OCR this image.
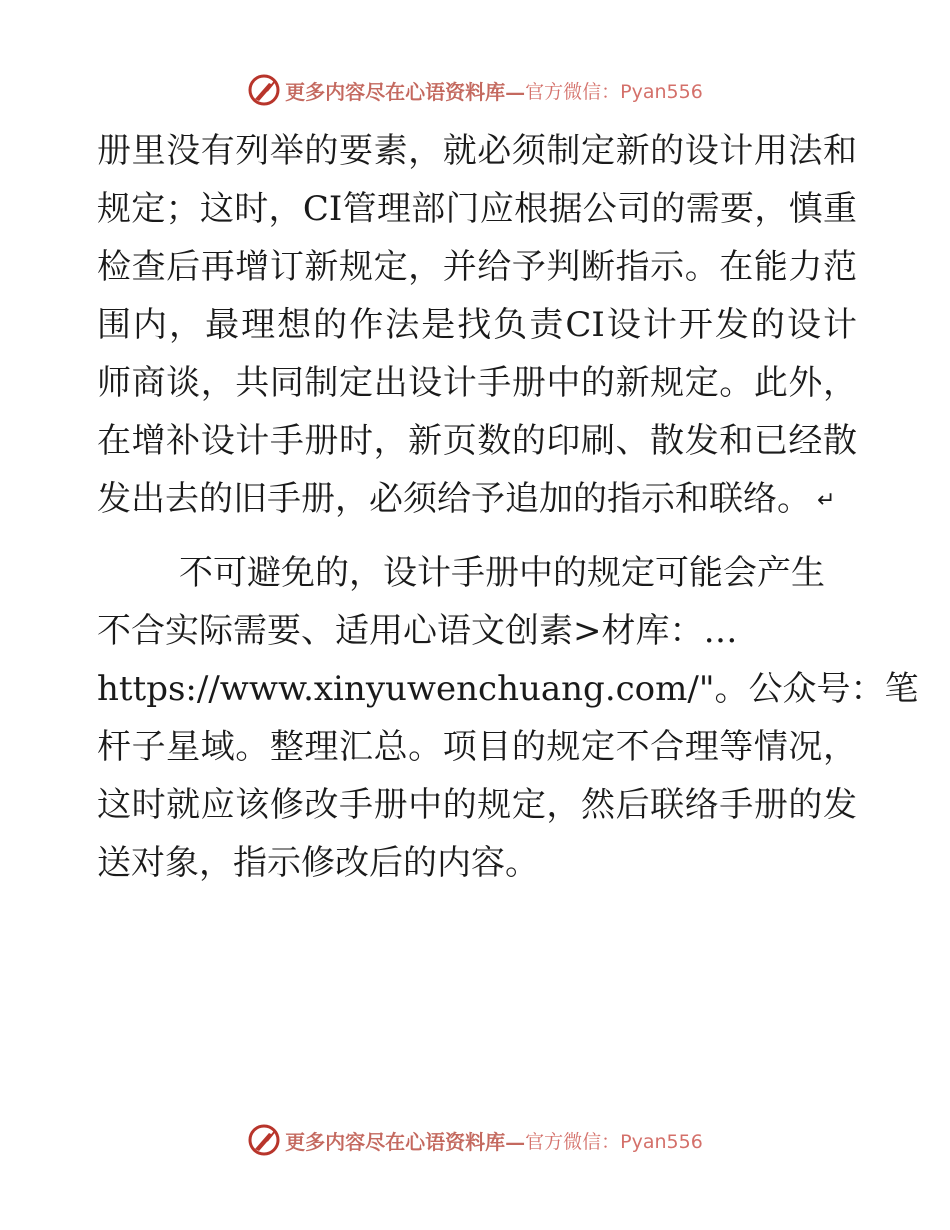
更多内容尽在心语资料库— 官方微信：Pyan556
册里没有列举的要素，就必须制定新的设计用法和
规定；这时，CI管理部门应根据公司的需要，慎重
检查后再增订新规定，并给予判断指示。在能力范
围内，最理想的作法是找负责CI设计开发的设计
师商谈，共同制定出设计手册中的新规定。此外，
在增补设计手册时，新页数的印刷、散发和已经散
发出去的旧手册，必须给予追加的指示和联络。 ↵
不可避免的，设计手册中的规定可能会产生
不合实际需要、适用心语文创素>材库：…
https://www.xinyuwenchuang.com/"。公众号：笔
杆子星域。整理汇总。项目的规定不合理等情况，
这时就应该修改手册中的规定，然后联络手册的发
送对象，指示修改后的内容。
更多内容尽在心语资料库— 官方微信：Pyan556
